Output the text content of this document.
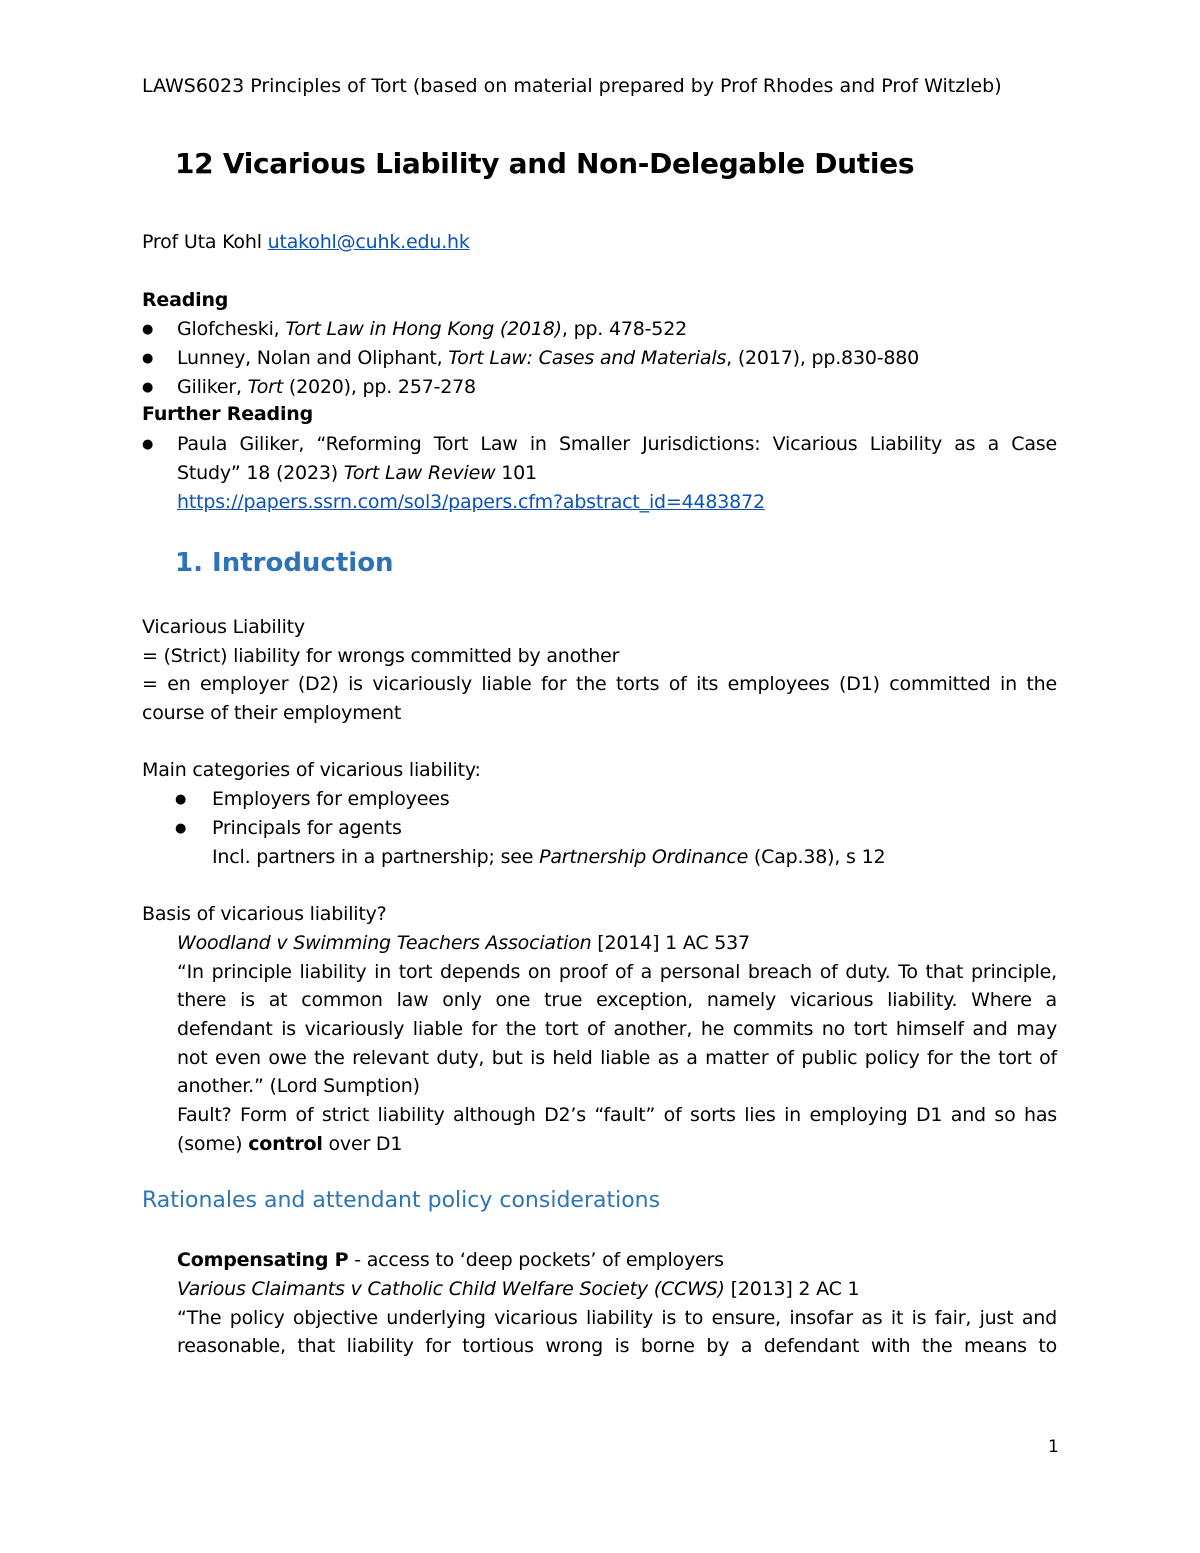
LAWS6023 Principles of Tort (based on material prepared by Prof Rhodes and Prof Witzleb)

12 Vicarious Liability and Non-Delegable Duties

Prof Uta Kohl utakohl@cuhk.edu.hk

Reading

● Glofcheski, Tort Law in Hong Kong (2018), pp. 478-522

● Lunney, Nolan and Oliphant, Tort Law: Cases and Materials, (2017), pp.830-880

● Giliker, Tort (2020), pp. 257-278

Further Reading

● Paula Giliker, “Reforming Tort Law in Smaller Jurisdictions: Vicarious Liability as a Case

Study” 18 (2023) Tort Law Review 101

https://papers.ssrn.com/sol3/papers.cfm?abstract_id=4483872

1. Introduction

Vicarious Liability

= (Strict) liability for wrongs committed by another

= en employer (D2) is vicariously liable for the torts of its employees (D1) committed in the

course of their employment

Main categories of vicarious liability:

● Employers for employees

● Principals for agents

Incl. partners in a partnership; see Partnership Ordinance (Cap.38), s 12

Basis of vicarious liability?

Woodland v Swimming Teachers Association [2014] 1 AC 537

“In principle liability in tort depends on proof of a personal breach of duty. To that principle,

there is at common law only one true exception, namely vicarious liability. Where a

defendant is vicariously liable for the tort of another, he commits no tort himself and may

not even owe the relevant duty, but is held liable as a matter of public policy for the tort of

another.” (Lord Sumption)

Fault? Form of strict liability although D2’s “fault” of sorts lies in employing D1 and so has

(some) control over D1

Rationales and attendant policy considerations

Compensating P - access to ‘deep pockets’ of employers

Various Claimants v Catholic Child Welfare Society (CCWS) [2013] 2 AC 1

“The policy objective underlying vicarious liability is to ensure, insofar as it is fair, just and

reasonable, that liability for tortious wrong is borne by a defendant with the means to

1
